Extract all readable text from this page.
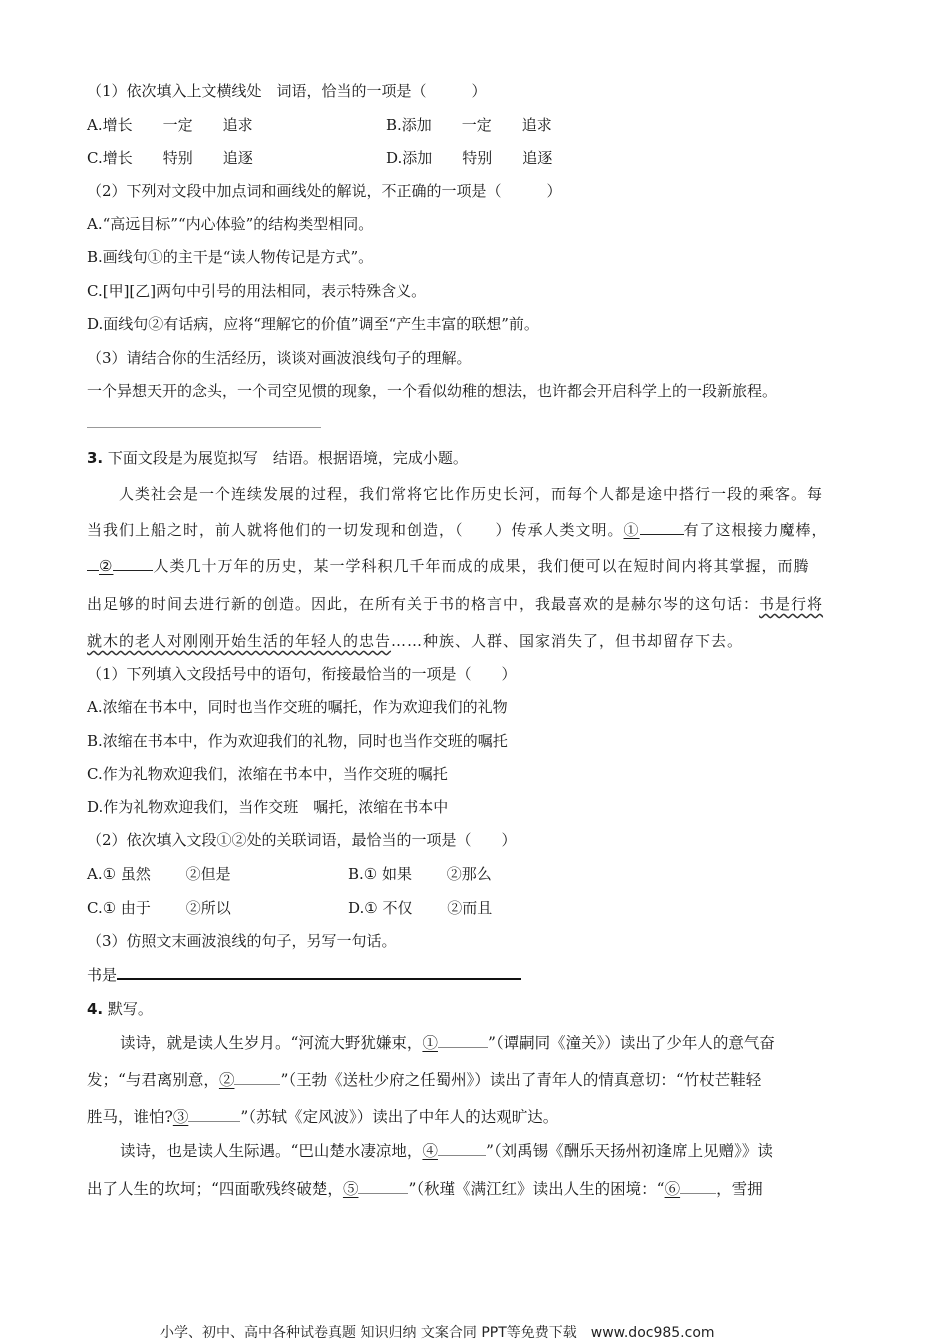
（1）依次填入上文横线处　词语，恰当的一项是（　　　）
A.增长　　一定　　追求	B.添加　　一定　　追求
C.增长　　特别　　追逐	D.添加　　特别　　追逐
（2）下列对文段中加点词和画线处的解说，不正确的一项是（　　　）
A.“高远目标”“内心体验”的结构类型相同。
B.画线句①的主干是“读人物传记是方式”。
C.[甲][乙]两句中引号的用法相同，表示特殊含义。
D.面线句②有话病，应将“理解它的价值”调至“产生丰富的联想”前。
（3）请结合你的生活经历，谈谈对画波浪线句子的理解。
一个异想天开的念头，一个司空见惯的现象，一个看似幼稚的想法，也许都会开启科学上的一段新旅程。
3. 下面文段是为展览拟写　结语。根据语境，完成小题。
人类社会是一个连续发展的过程，我们常将它比作历史长河，而每个人都是途中搭行一段的乘客。每
当我们上船之时，前人就将他们的一切发现和创造，（　　）传承人类文明。①	有了这根接力魔棒，
②	人类几十万年的历史，某一学科积几千年而成的成果，我们便可以在短时间内将其掌握，而腾
出足够的时间去进行新的创造。因此，在所有关于书的格言中，我最喜欢的是赫尔岑的这句话：书是行将
就木的老人对刚刚开始生活的年轻人的忠告……种族、人群、国家消失了，但书却留存下去。
（1）下列填入文段括号中的语句，衔接最恰当的一项是（　　）
A.浓缩在书本中，同时也当作交班的嘱托，作为欢迎我们的礼物
B.浓缩在书本中，作为欢迎我们的礼物，同时也当作交班的嘱托
C.作为礼物欢迎我们，浓缩在书本中，当作交班的嘱托
D.作为礼物欢迎我们，当作交班　嘱托，浓缩在书本中
（2）依次填入文段①②处的关联词语，最恰当的一项是（　　）
A.① 虽然　　 ②但是	B.① 如果　　 ②那么
C.① 由于　　 ②所以	D.① 不仅　　 ②而且
（3）仿照文末画波浪线的句子，另写一句话。
书是
4. 默写。
读诗，就是读人生岁月。“河流大野犹嫌束，①	”（谭嗣同《潼关》）读出了少年人的意气奋
发；“与君离别意，②	”（王勃《送杜少府之任蜀州》）读出了青年人的情真意切：“竹杖芒鞋轻
胜马，谁怕?③	”（苏轼《定风波》）读出了中年人的达观旷达。
读诗，也是读人生际遇。“巴山楚水凄凉地，④	”（刘禹锡《酬乐天扬州初逢席上见赠》》读
出了人生的坎坷；“四面歌残终破楚，⑤	”（秋瑾《满江红》读出人生的困境：“⑥ ，雪拥
小学、初中、高中各种试卷真题 知识归纳 文案合同 PPT等免费下载　www.doc985.com
